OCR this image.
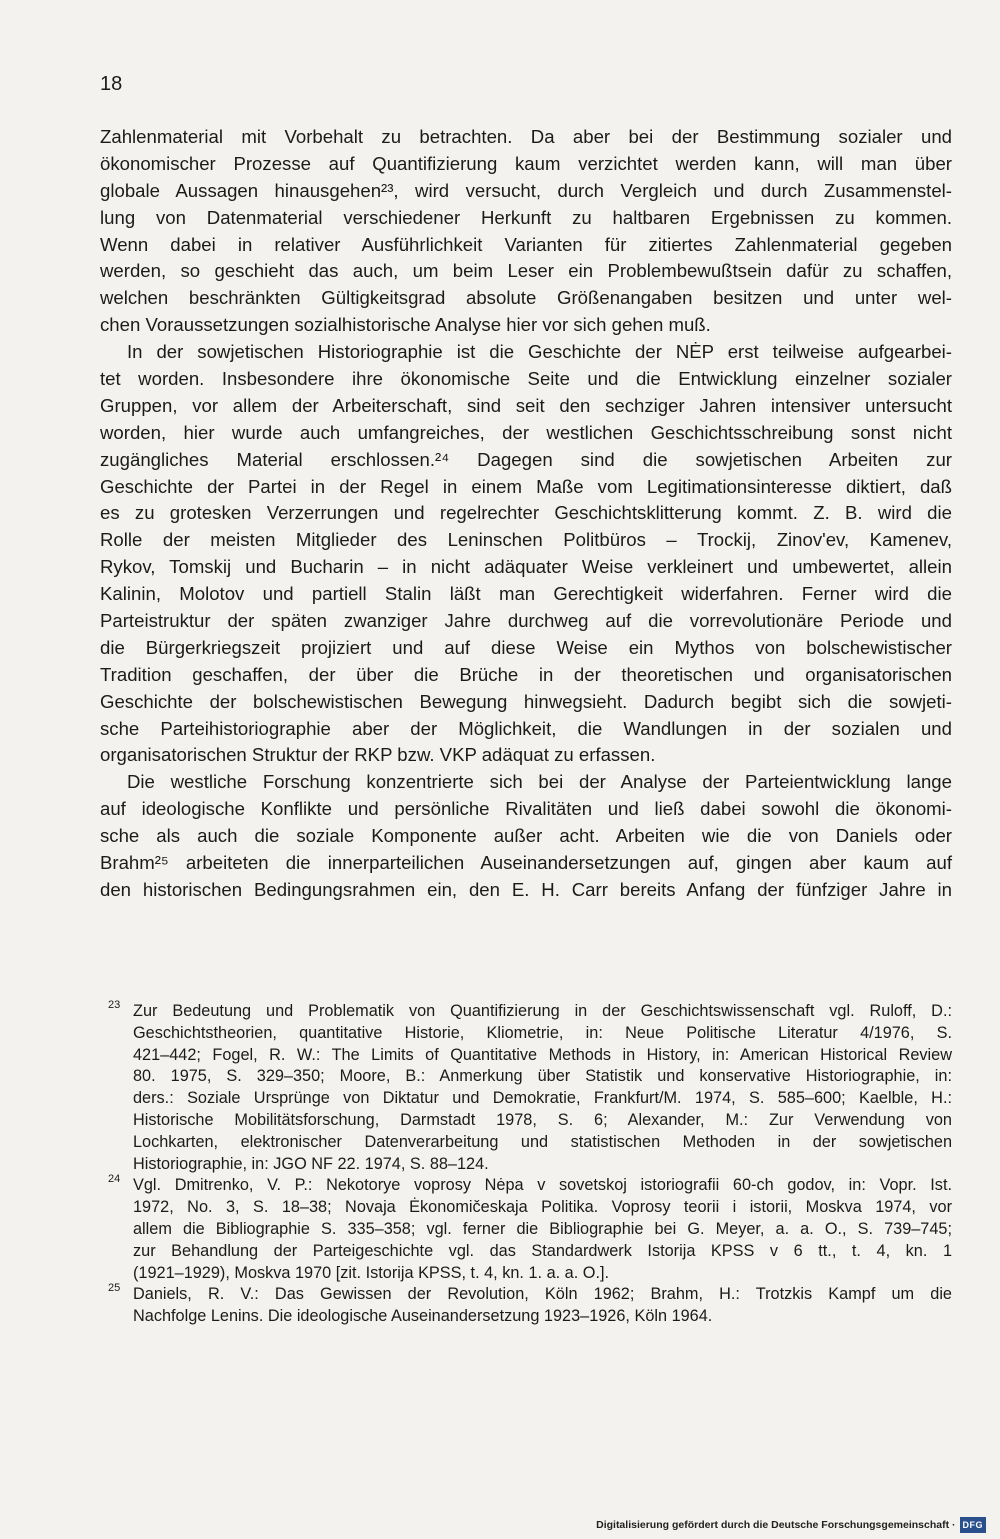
18
Zahlenmaterial mit Vorbehalt zu betrachten. Da aber bei der Bestimmung sozialer und
ökonomischer Prozesse auf Quantifizierung kaum verzichtet werden kann, will man über
globale Aussagen hinausgehen²³, wird versucht, durch Vergleich und durch Zusammenstel-
lung von Datenmaterial verschiedener Herkunft zu haltbaren Ergebnissen zu kommen.
Wenn dabei in relativer Ausführlichkeit Varianten für zitiertes Zahlenmaterial gegeben
werden, so geschieht das auch, um beim Leser ein Problembewußtsein dafür zu schaffen,
welchen beschränkten Gültigkeitsgrad absolute Größenangaben besitzen und unter wel-
chen Voraussetzungen sozialhistorische Analyse hier vor sich gehen muß.
In der sowjetischen Historiographie ist die Geschichte der NĖP erst teilweise aufgearbei-
tet worden. Insbesondere ihre ökonomische Seite und die Entwicklung einzelner sozialer
Gruppen, vor allem der Arbeiterschaft, sind seit den sechziger Jahren intensiver untersucht
worden, hier wurde auch umfangreiches, der westlichen Geschichtsschreibung sonst nicht
zugängliches Material erschlossen.²⁴ Dagegen sind die sowjetischen Arbeiten zur
Geschichte der Partei in der Regel in einem Maße vom Legitimationsinteresse diktiert, daß
es zu grotesken Verzerrungen und regelrechter Geschichtsklitterung kommt. Z. B. wird die
Rolle der meisten Mitglieder des Leninschen Politbüros – Trockij, Zinov'ev, Kamenev,
Rykov, Tomskij und Bucharin – in nicht adäquater Weise verkleinert und umbewertet, allein
Kalinin, Molotov und partiell Stalin läßt man Gerechtigkeit widerfahren. Ferner wird die
Parteistruktur der späten zwanziger Jahre durchweg auf die vorrevolutionäre Periode und
die Bürgerkriegszeit projiziert und auf diese Weise ein Mythos von bolschewistischer
Tradition geschaffen, der über die Brüche in der theoretischen und organisatorischen
Geschichte der bolschewistischen Bewegung hinwegsieht. Dadurch begibt sich die sowjeti-
sche Parteihistoriographie aber der Möglichkeit, die Wandlungen in der sozialen und
organisatorischen Struktur der RKP bzw. VKP adäquat zu erfassen.
Die westliche Forschung konzentrierte sich bei der Analyse der Parteientwicklung lange
auf ideologische Konflikte und persönliche Rivalitäten und ließ dabei sowohl die ökonomi-
sche als auch die soziale Komponente außer acht. Arbeiten wie die von Daniels oder
Brahm²⁵ arbeiteten die innerparteilichen Auseinandersetzungen auf, gingen aber kaum auf
den historischen Bedingungsrahmen ein, den E. H. Carr bereits Anfang der fünfziger Jahre in
23 Zur Bedeutung und Problematik von Quantifizierung in der Geschichtswissenschaft vgl. Ruloff, D.:
Geschichtstheorien, quantitative Historie, Kliometrie, in: Neue Politische Literatur 4/1976, S.
421–442; Fogel, R. W.: The Limits of Quantitative Methods in History, in: American Historical Review
80. 1975, S. 329–350; Moore, B.: Anmerkung über Statistik und konservative Historiographie, in:
ders.: Soziale Ursprünge von Diktatur und Demokratie, Frankfurt/M. 1974, S. 585–600; Kaelble, H.:
Historische Mobilitätsforschung, Darmstadt 1978, S. 6; Alexander, M.: Zur Verwendung von
Lochkarten, elektronischer Datenverarbeitung und statistischen Methoden in der sowjetischen
Historiographie, in: JGO NF 22. 1974, S. 88–124.
24 Vgl. Dmitrenko, V. P.: Nekotorye voprosy Nėpa v sovetskoj istoriografii 60-ch godov, in: Vopr. Ist.
1972, No. 3, S. 18–38; Novaja Ėkonomičeskaja Politika. Voprosy teorii i istorii, Moskva 1974, vor
allem die Bibliographie S. 335–358; vgl. ferner die Bibliographie bei G. Meyer, a. a. O., S. 739–745;
zur Behandlung der Parteigeschichte vgl. das Standardwerk Istorija KPSS v 6 tt., t. 4, kn. 1
(1921–1929), Moskva 1970 [zit. Istorija KPSS, t. 4, kn. 1. a. a. O.].
25 Daniels, R. V.: Das Gewissen der Revolution, Köln 1962; Brahm, H.: Trotzkis Kampf um die
Nachfolge Lenins. Die ideologische Auseinandersetzung 1923–1926, Köln 1964.
Digitalisierung gefördert durch die Deutsche Forschungsgemeinschaft · DFG
